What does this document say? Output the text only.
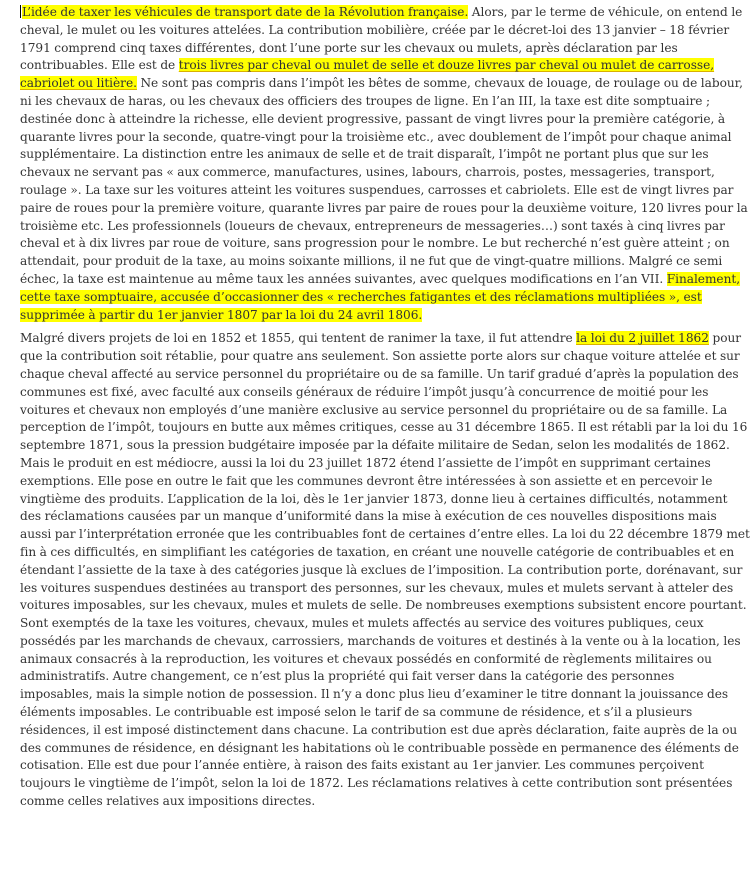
L’idée de taxer les véhicules de transport date de la Révolution française. Alors, par le terme de véhicule, on entend le cheval, le mulet ou les voitures attelées. La contribution mobilière, créée par le décret-loi des 13 janvier – 18 février 1791 comprend cinq taxes différentes, dont l’une porte sur les chevaux ou mulets, après déclaration par les contribuables. Elle est de trois livres par cheval ou mulet de selle et douze livres par cheval ou mulet de carrosse, cabriolet ou litière. Ne sont pas compris dans l’impôt les bêtes de somme, chevaux de louage, de roulage ou de labour, ni les chevaux de haras, ou les chevaux des officiers des troupes de ligne. En l’an III, la taxe est dite somptuaire ; destinée donc à atteindre la richesse, elle devient progressive, passant de vingt livres pour la première catégorie, à quarante livres pour la seconde, quatre-vingt pour la troisième etc., avec doublement de l’impôt pour chaque animal supplémentaire. La distinction entre les animaux de selle et de trait disparaît, l’impôt ne portant plus que sur les chevaux ne servant pas « aux commerce, manufactures, usines, labours, charrois, postes, messageries, transport, roulage ». La taxe sur les voitures atteint les voitures suspendues, carrosses et cabriolets. Elle est de vingt livres par paire de roues pour la première voiture, quarante livres par paire de roues pour la deuxième voiture, 120 livres pour la troisième etc. Les professionnels (loueurs de chevaux, entrepreneurs de messageries…) sont taxés à cinq livres par cheval et à dix livres par roue de voiture, sans progression pour le nombre. Le but recherché n’est guère atteint ; on attendait, pour produit de la taxe, au moins soixante millions, il ne fut que de vingt-quatre millions. Malgré ce semi échec, la taxe est maintenue au même taux les années suivantes, avec quelques modifications en l’an VII. Finalement, cette taxe somptuaire, accusée d’occasionner des « recherches fatigantes et des réclamations multipliées », est supprimée à partir du 1er janvier 1807 par la loi du 24 avril 1806.

Malgré divers projets de loi en 1852 et 1855, qui tentent de ranimer la taxe, il fut attendre la loi du 2 juillet 1862 pour que la contribution soit rétablie, pour quatre ans seulement. Son assiette porte alors sur chaque voiture attelée et sur chaque cheval affecté au service personnel du propriétaire ou de sa famille. Un tarif gradué d’après la population des communes est fixé, avec faculté aux conseils généraux de réduire l’impôt jusqu’à concurrence de moitié pour les voitures et chevaux non employés d’une manière exclusive au service personnel du propriétaire ou de sa famille. La perception de l’impôt, toujours en butte aux mêmes critiques, cesse au 31 décembre 1865. Il est rétabli par la loi du 16 septembre 1871, sous la pression budgétaire imposée par la défaite militaire de Sedan, selon les modalités de 1862. Mais le produit en est médiocre, aussi la loi du 23 juillet 1872 étend l’assiette de l’impôt en supprimant certaines exemptions. Elle pose en outre le fait que les communes devront être intéressées à son assiette et en percevoir le vingtième des produits. L’application de la loi, dès le 1er janvier 1873, donne lieu à certaines difficultés, notamment des réclamations causées par un manque d’uniformité dans la mise à exécution de ces nouvelles dispositions mais aussi par l’interprétation erronée que les contribuables font de certaines d’entre elles. La loi du 22 décembre 1879 met fin à ces difficultés, en simplifiant les catégories de taxation, en créant une nouvelle catégorie de contribuables et en étendant l’assiette de la taxe à des catégories jusque là exclues de l’imposition. La contribution porte, dorénavant, sur les voitures suspendues destinées au transport des personnes, sur les chevaux, mules et mulets servant à atteler des voitures imposables, sur les chevaux, mules et mulets de selle. De nombreuses exemptions subsistent encore pourtant. Sont exemptés de la taxe les voitures, chevaux, mules et mulets affectés au service des voitures publiques, ceux possédés par les marchands de chevaux, carrossiers, marchands de voitures et destinés à la vente ou à la location, les animaux consacrés à la reproduction, les voitures et chevaux possédés en conformité de règlements militaires ou administratifs. Autre changement, ce n’est plus la propriété qui fait verser dans la catégorie des personnes imposables, mais la simple notion de possession. Il n’y a donc plus lieu d’examiner le titre donnant la jouissance des éléments imposables. Le contribuable est imposé selon le tarif de sa commune de résidence, et s’il a plusieurs résidences, il est imposé distinctement dans chacune. La contribution est due après déclaration, faite auprès de la ou des communes de résidence, en désignant les habitations où le contribuable possède en permanence des éléments de cotisation. Elle est due pour l’année entière, à raison des faits existant au 1er janvier. Les communes perçoivent toujours le vingtième de l’impôt, selon la loi de 1872. Les réclamations relatives à cette contribution sont présentées comme celles relatives aux impositions directes.
